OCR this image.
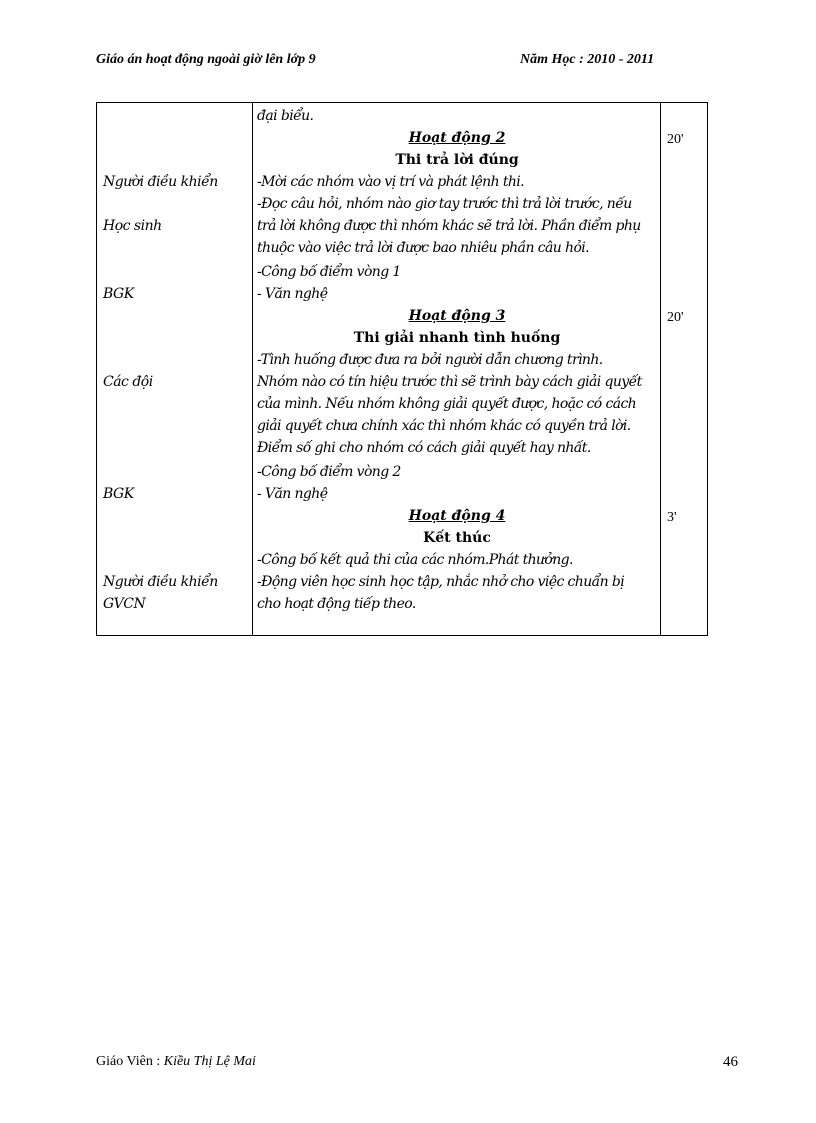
Giáo án hoạt động ngoài giờ lên lớp 9	Năm Học : 2010 - 2011
Người điều khiển
Học sinh
BGK
Các đội
BGK
Người điều khiển
GVCN
đại biểu.
Hoạt động 2
Thi trả lời đúng
-Mời các nhóm vào vị trí và phát lệnh thi.
-Đọc câu hỏi, nhóm nào giơ tay trước thì trả lời trước, nếu
trả lời không được thì nhóm khác sẽ trả lời. Phần điểm phụ
thuộc vào việc trả lời được bao nhiêu phần câu hỏi.
-Công bố điểm vòng 1
- Văn nghệ
Hoạt động 3
Thi giải nhanh tình huống
-Tình huống được đưa ra bởi người dẫn chương trình.
Nhóm nào có tín hiệu trước thì sẽ trình bày cách giải quyết
của mình. Nếu nhóm không giải quyết được, hoặc có cách
giải quyết chưa chính xác thì nhóm khác có quyền trả lời.
Điểm số ghi cho nhóm có cách giải quyết hay nhất.
-Công bố điểm vòng 2
- Văn nghệ
Hoạt động 4
Kết thúc
-Công bố kết quả thi của các nhóm.Phát thưởng.
-Động viên học sinh học tập, nhắc nhở cho việc chuẩn bị
cho hoạt động tiếp theo.
20'
20'
3'
Giáo Viên : Kiều Thị Lệ Mai	46
